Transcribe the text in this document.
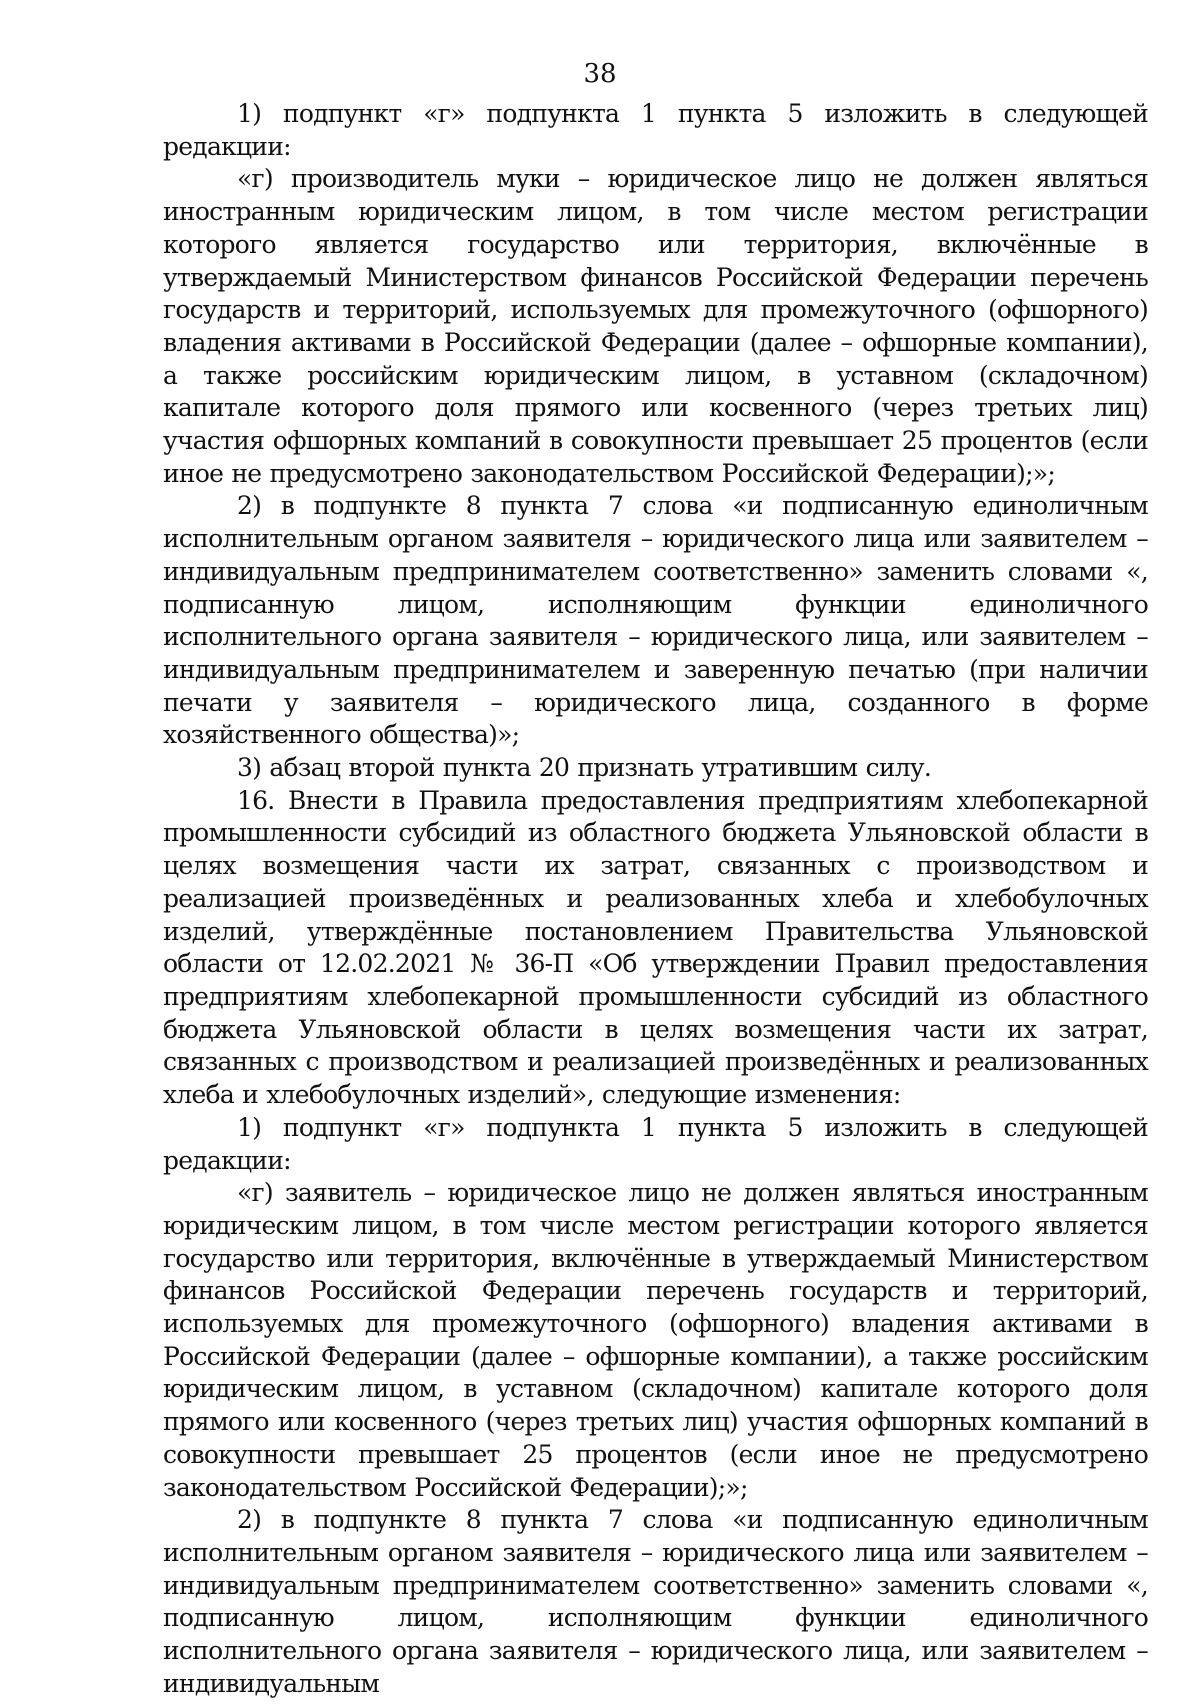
38

1) подпункт «г» подпункта 1 пункта 5 изложить в следующей редакции:

«г) производитель муки – юридическое лицо не должен являться иностранным юридическим лицом, в том числе местом регистрации которого является государство или территория, включённые в утверждаемый Министерством финансов Российской Федерации перечень государств и территорий, используемых для промежуточного (офшорного) владения активами в Российской Федерации (далее – офшорные компании), а также российским юридическим лицом, в уставном (складочном) капитале которого доля прямого или косвенного (через третьих лиц) участия офшорных компаний в совокупности превышает 25 процентов (если иное не предусмотрено законодательством Российской Федерации);»;

2) в подпункте 8 пункта 7 слова «и подписанную единоличным исполнительным органом заявителя – юридического лица или заявителем – индивидуальным предпринимателем соответственно» заменить словами «, подписанную лицом, исполняющим функции единоличного исполнительного органа заявителя – юридического лица, или заявителем – индивидуальным предпринимателем и заверенную печатью (при наличии печати у заявителя – юридического лица, созданного в форме хозяйственного общества)»;

3) абзац второй пункта 20 признать утратившим силу.

16. Внести в Правила предоставления предприятиям хлебопекарной промышленности субсидий из областного бюджета Ульяновской области в целях возмещения части их затрат, связанных с производством и реализацией произведённых и реализованных хлеба и хлебобулочных изделий, утверждённые постановлением Правительства Ульяновской области от 12.02.2021 № 36-П «Об утверждении Правил предоставления предприятиям хлебопекарной промышленности субсидий из областного бюджета Ульяновской области в целях возмещения части их затрат, связанных с производством и реализацией произведённых и реализованных хлеба и хлебобулочных изделий», следующие изменения:

1) подпункт «г» подпункта 1 пункта 5 изложить в следующей редакции:

«г) заявитель – юридическое лицо не должен являться иностранным юридическим лицом, в том числе местом регистрации которого является государство или территория, включённые в утверждаемый Министерством финансов Российской Федерации перечень государств и территорий, используемых для промежуточного (офшорного) владения активами в Российской Федерации (далее – офшорные компании), а также российским юридическим лицом, в уставном (складочном) капитале которого доля прямого или косвенного (через третьих лиц) участия офшорных компаний в совокупности превышает 25 процентов (если иное не предусмотрено законодательством Российской Федерации);»;

2) в подпункте 8 пункта 7 слова «и подписанную единоличным исполнительным органом заявителя – юридического лица или заявителем – индивидуальным предпринимателем соответственно» заменить словами «, подписанную лицом, исполняющим функции единоличного исполнительного органа заявителя – юридического лица, или заявителем – индивидуальным
